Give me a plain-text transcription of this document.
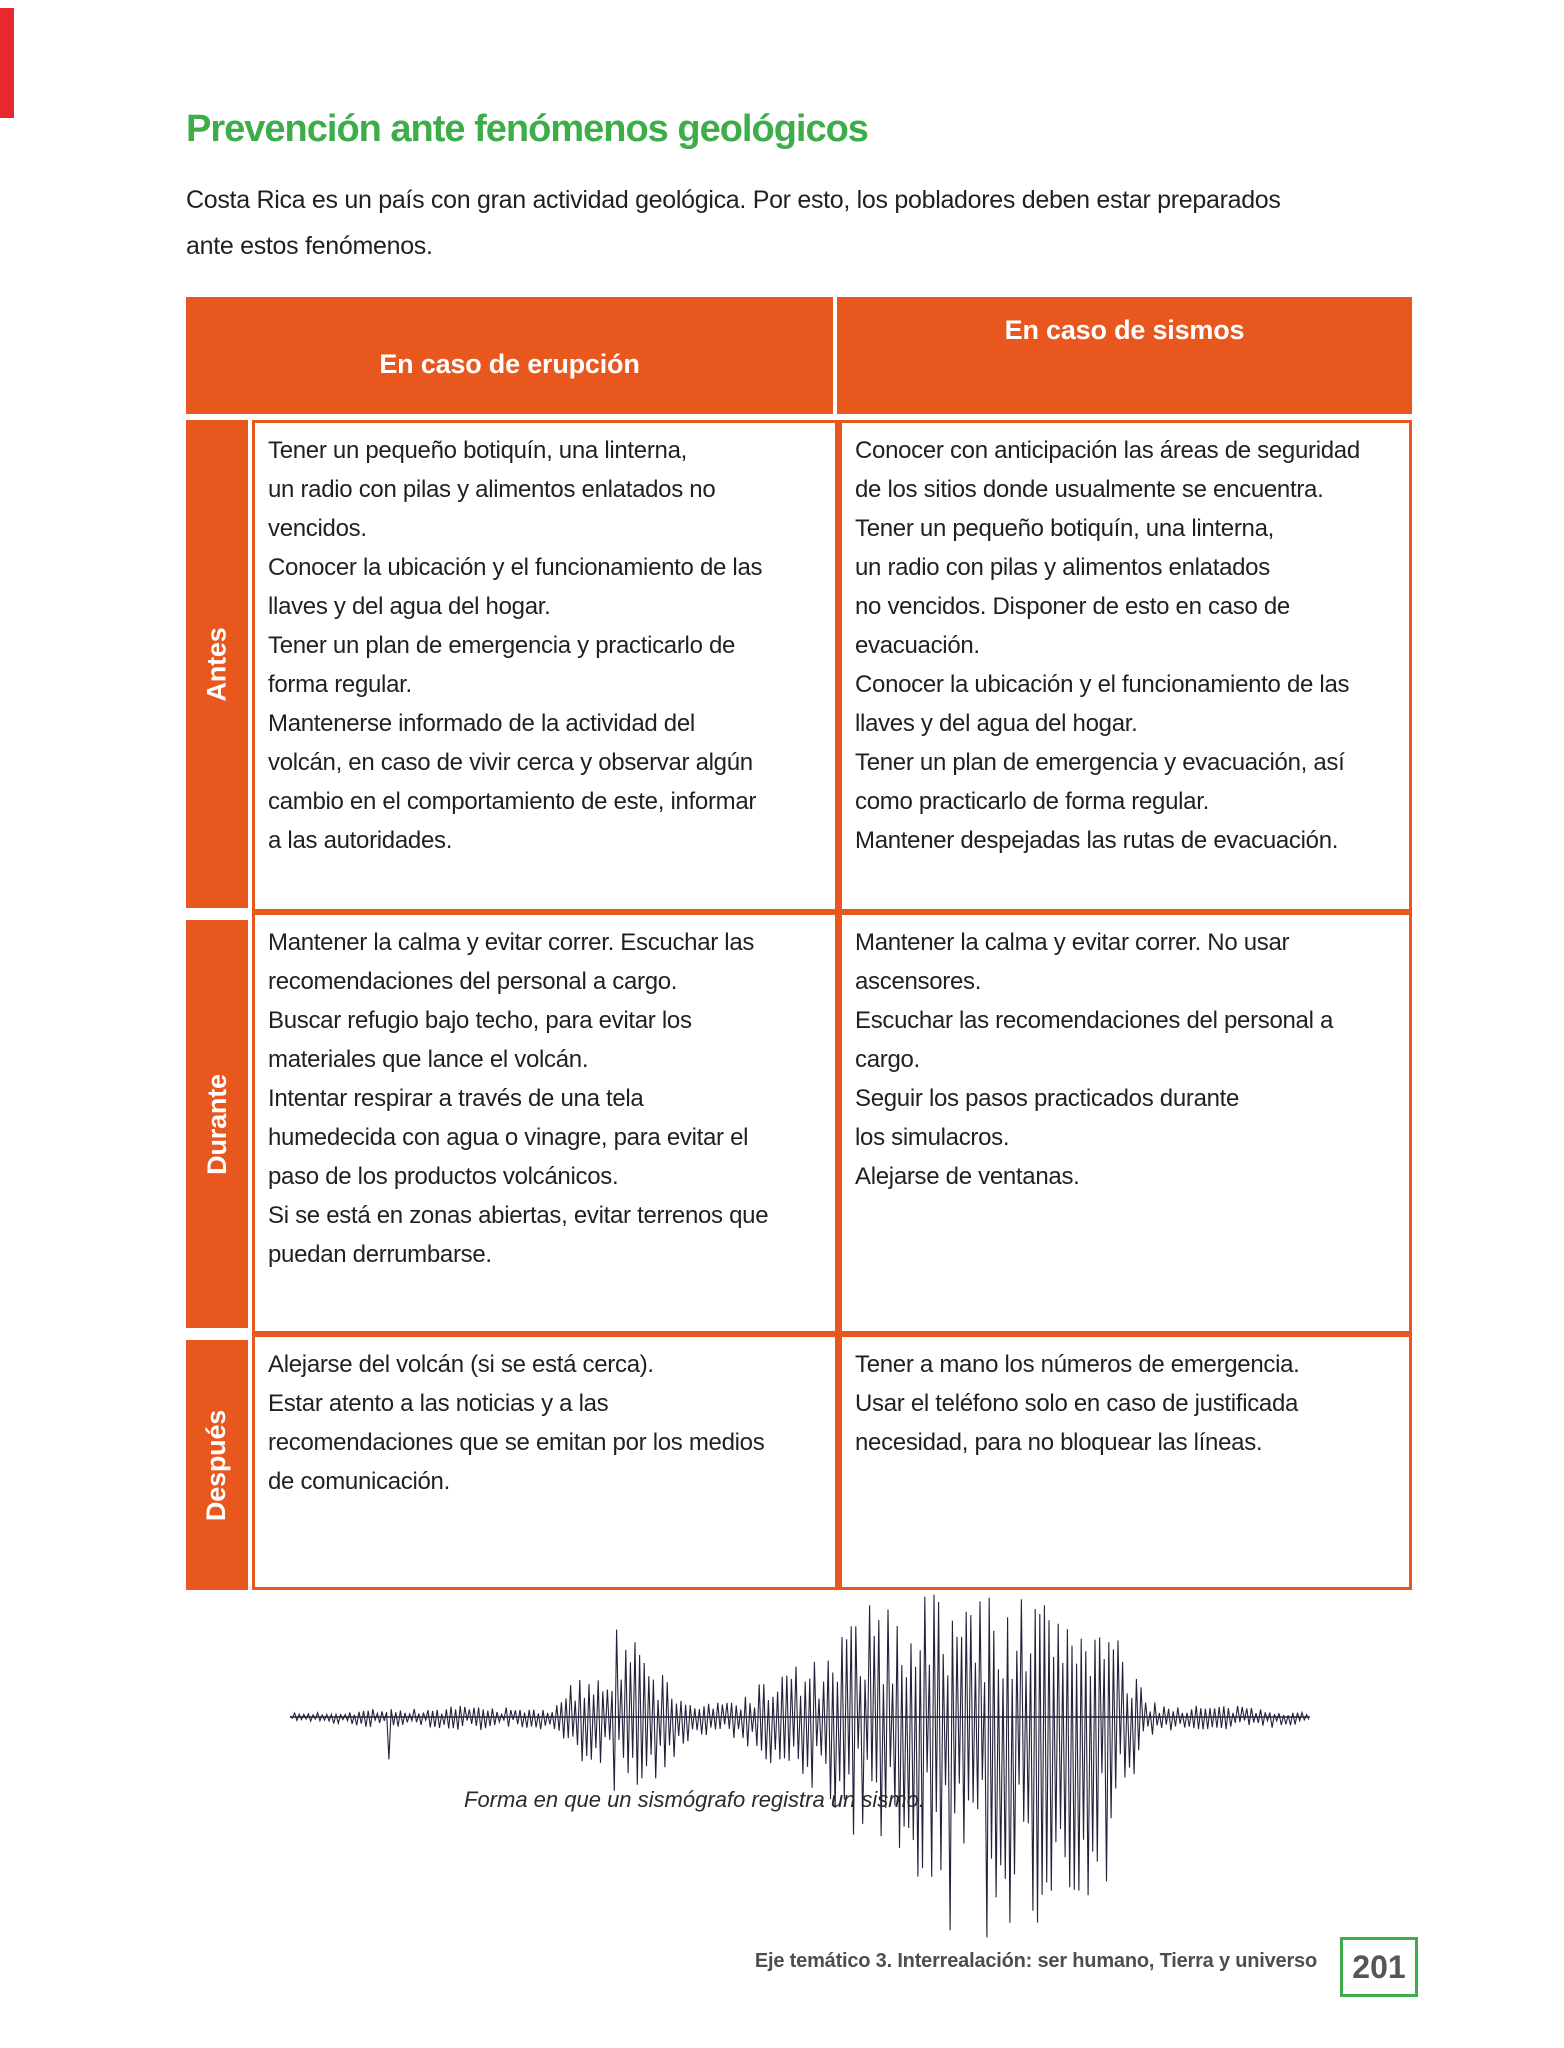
Prevención ante fenómenos geológicos
Costa Rica es un país con gran actividad geológica. Por esto, los pobladores deben estar preparados
ante estos fenómenos.
En caso de erupción
En caso de sismos
Antes
Durante
Después
Tener un pequeño botiquín, una linterna,
un radio con pilas y alimentos enlatados no
vencidos.
Conocer la ubicación y el funcionamiento de las
llaves y del agua del hogar.
Tener un plan de emergencia y practicarlo de
forma regular.
Mantenerse informado de la actividad del
volcán, en caso de vivir cerca y observar algún
cambio en el comportamiento de este, informar
a las autoridades.
Conocer con anticipación las áreas de seguridad
de los sitios donde usualmente se encuentra.
Tener un pequeño botiquín, una linterna,
un radio con pilas y alimentos enlatados
no vencidos. Disponer de esto en caso de
evacuación.
Conocer la ubicación y el funcionamiento de las
llaves y del agua del hogar.
Tener un plan de emergencia y evacuación, así
como practicarlo de forma regular.
Mantener despejadas las rutas de evacuación.
Mantener la calma y evitar correr. Escuchar las
recomendaciones del personal a cargo.
Buscar refugio bajo techo, para evitar los
materiales que lance el volcán.
Intentar respirar a través de una tela
humedecida con agua o vinagre, para evitar el
paso de los productos volcánicos.
Si se está en zonas abiertas, evitar terrenos que
puedan derrumbarse.
Mantener la calma y evitar correr. No usar
ascensores.
Escuchar las recomendaciones del personal a
cargo.
Seguir los pasos practicados durante
los simulacros.
Alejarse de ventanas.
Alejarse del volcán (si se está cerca).
Estar atento a las noticias y a las
recomendaciones que se emitan por los medios
de comunicación.
Tener a mano los números de emergencia.
Usar el teléfono solo en caso de justificada
necesidad, para no bloquear las líneas.
Forma en que un sismógrafo registra un sismo.
Eje temático 3. Interrealación: ser humano, Tierra y universo 201
